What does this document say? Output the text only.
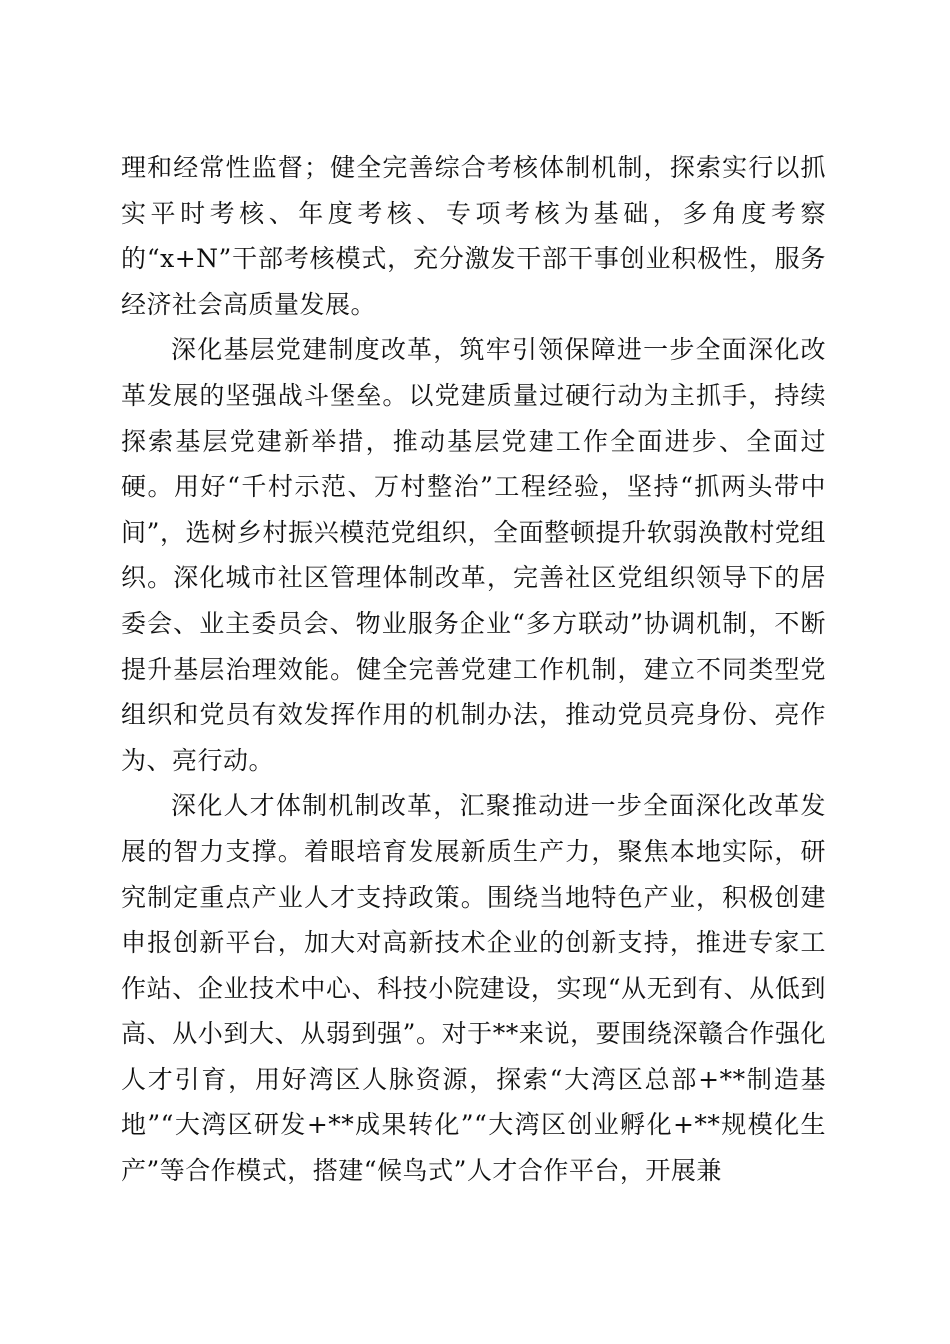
理和经常性监督；健全完善综合考核体制机制，探索实行以抓实平时考核、年度考核、专项考核为基础，多角度考察的“x+N”干部考核模式，充分激发干部干事创业积极性，服务经济社会高质量发展。

深化基层党建制度改革，筑牢引领保障进一步全面深化改革发展的坚强战斗堡垒。以党建质量过硬行动为主抓手，持续探索基层党建新举措，推动基层党建工作全面进步、全面过硬。用好“千村示范、万村整治”工程经验，坚持“抓两头带中间”，选树乡村振兴模范党组织，全面整顿提升软弱涣散村党组织。深化城市社区管理体制改革，完善社区党组织领导下的居委会、业主委员会、物业服务企业“多方联动”协调机制，不断提升基层治理效能。健全完善党建工作机制，建立不同类型党组织和党员有效发挥作用的机制办法，推动党员亮身份、亮作为、亮行动。

深化人才体制机制改革，汇聚推动进一步全面深化改革发展的智力支撑。着眼培育发展新质生产力，聚焦本地实际，研究制定重点产业人才支持政策。围绕当地特色产业，积极创建申报创新平台，加大对高新技术企业的创新支持，推进专家工作站、企业技术中心、科技小院建设，实现“从无到有、从低到高、从小到大、从弱到强”。对于**来说，要围绕深赣合作强化人才引育，用好湾区人脉资源，探索“大湾区总部+**制造基地”“大湾区研发+**成果转化”“大湾区创业孵化+**规模化生产”等合作模式，搭建“候鸟式”人才合作平台，开展兼
